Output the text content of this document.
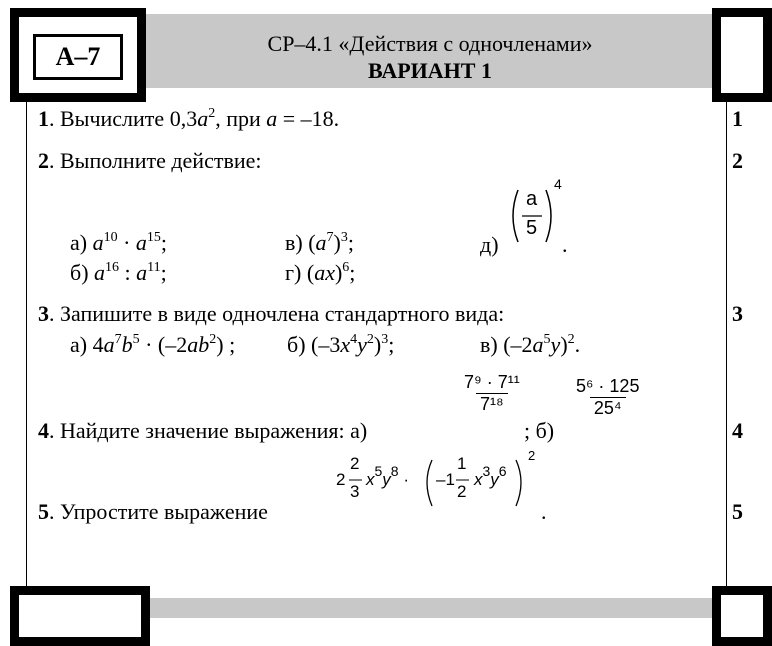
А–7	СР–4.1 «Действия с одночленами»
ВАРИАНТ 1
1. Вычислите $0,3a^2$, при a = –18.
2. Выполните действие:
а) $a^{10} \cdot a^{15}$;
б) $a^{16}$ : $a^{11}$;
в) $(a^7)^3$;
г) (ax)$^6$;
д)
a
5
4
.
3. Запишите в виде одночлена стандартного вида:
а) $4a^7b^5 \cdot (-2ab^2)$ ; б) $(-3x^4y^2)^3$;	в) $(-2a^5y)^2$.
4. Найдите значение выражения: а)
$\frac{\text{7⁹ · 7¹¹}}{\text{7¹⁸}}$
; б)
$\frac{\text{5⁶ · 125}}{\text{25⁴}}$
5. Упростите выражение
2
2
3
$x^5y^8 \cdot -1$
1
2
$x^3y^6$
2
.
1
2
3
4
5
